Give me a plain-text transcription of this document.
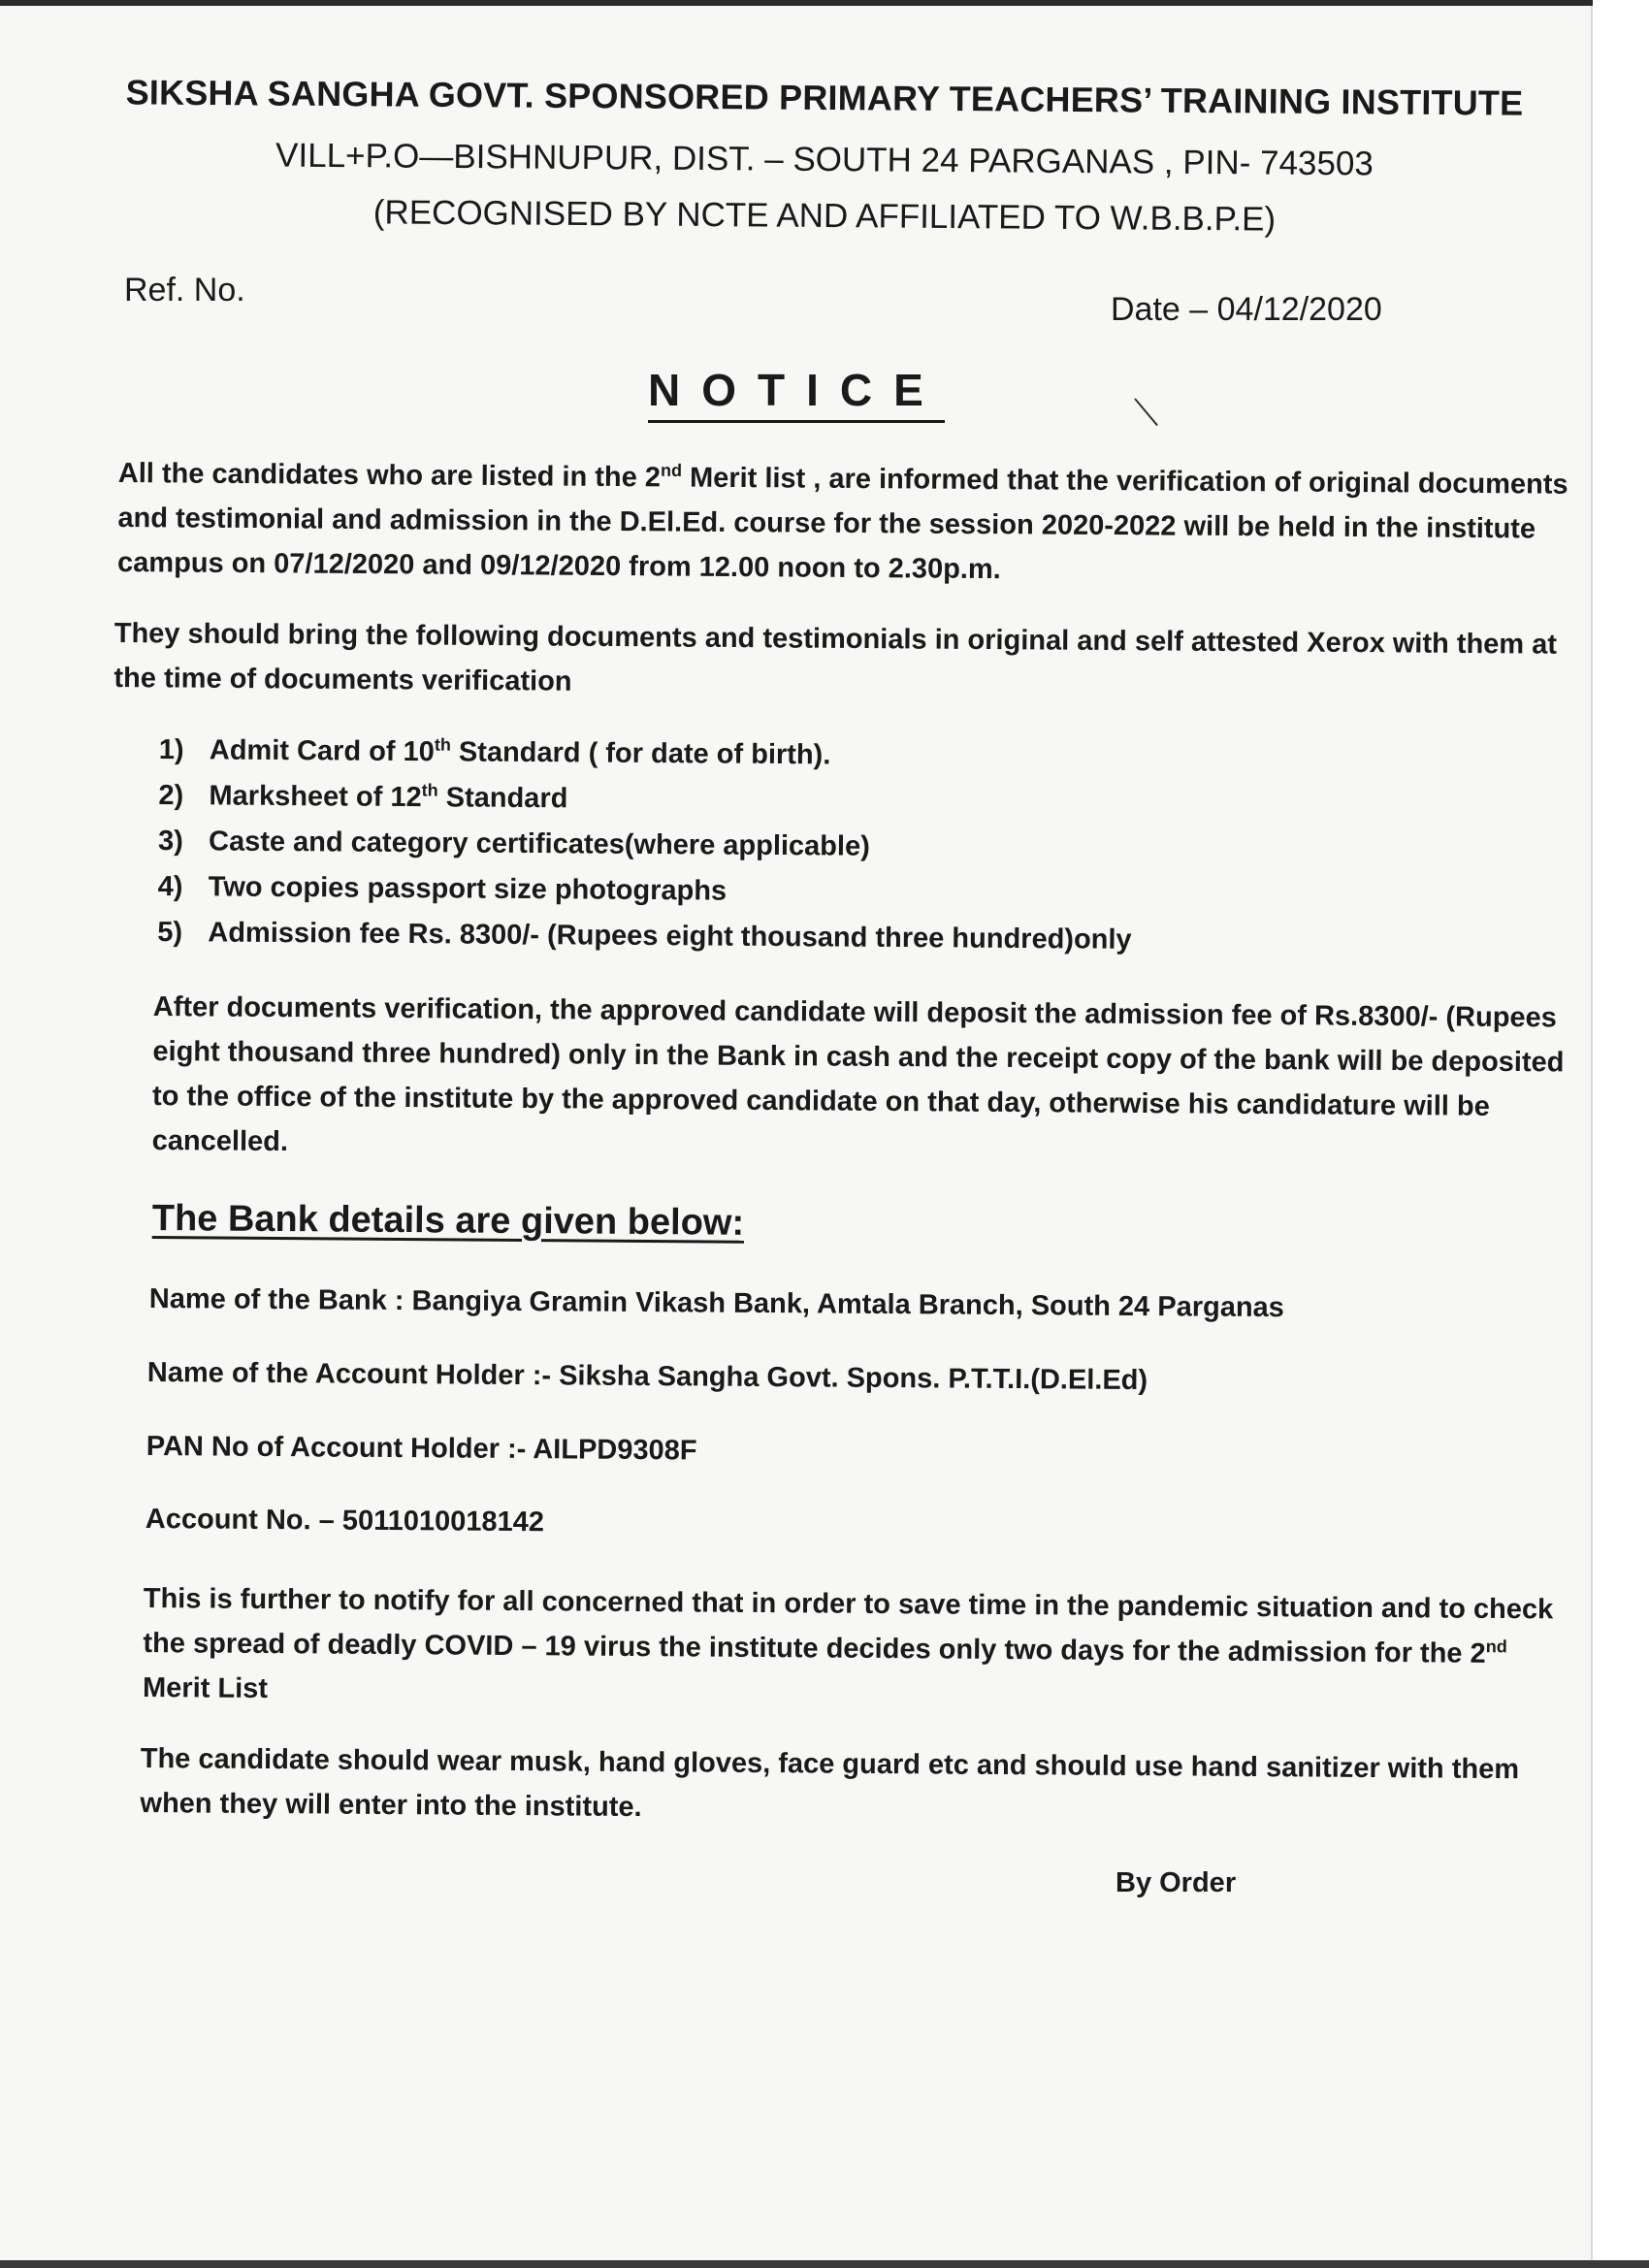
SIKSHA SANGHA GOVT. SPONSORED PRIMARY TEACHERS’ TRAINING INSTITUTE
VILL+P.O—BISHNUPUR, DIST. – SOUTH 24 PARGANAS , PIN- 743503
(RECOGNISED BY NCTE AND AFFILIATED TO W.B.B.P.E)
Ref. No.
Date – 04/12/2020
NOTICE
All the candidates who are listed in the 2nd Merit list , are informed that the verification of original documents
and testimonial and admission in the D.El.Ed. course for the session 2020-2022 will be held in the institute
campus on 07/12/2020 and 09/12/2020 from 12.00 noon to 2.30p.m.
They should bring the following documents and testimonials in original and self attested Xerox with them at
the time of documents verification
1) Admit Card of 10th Standard ( for date of birth).
2) Marksheet of 12th Standard
3) Caste and category certificates(where applicable)
4) Two copies passport size photographs
5) Admission fee Rs. 8300/- (Rupees eight thousand three hundred)only
After documents verification, the approved candidate will deposit the admission fee of Rs.8300/- (Rupees
eight thousand three hundred) only in the Bank in cash and the receipt copy of the bank will be deposited
to the office of the institute by the approved candidate on that day, otherwise his candidature will be
cancelled.
The Bank details are given below:
Name of the Bank : Bangiya Gramin Vikash Bank, Amtala Branch, South 24 Parganas
Name of the Account Holder :- Siksha Sangha Govt. Spons. P.T.T.I.(D.El.Ed)
PAN No of Account Holder :- AILPD9308F
Account No. – 5011010018142
This is further to notify for all concerned that in order to save time in the pandemic situation and to check
the spread of deadly COVID – 19 virus the institute decides only two days for the admission for the 2nd
Merit List
The candidate should wear musk, hand gloves, face guard etc and should use hand sanitizer with them
when they will enter into the institute.
By Order
